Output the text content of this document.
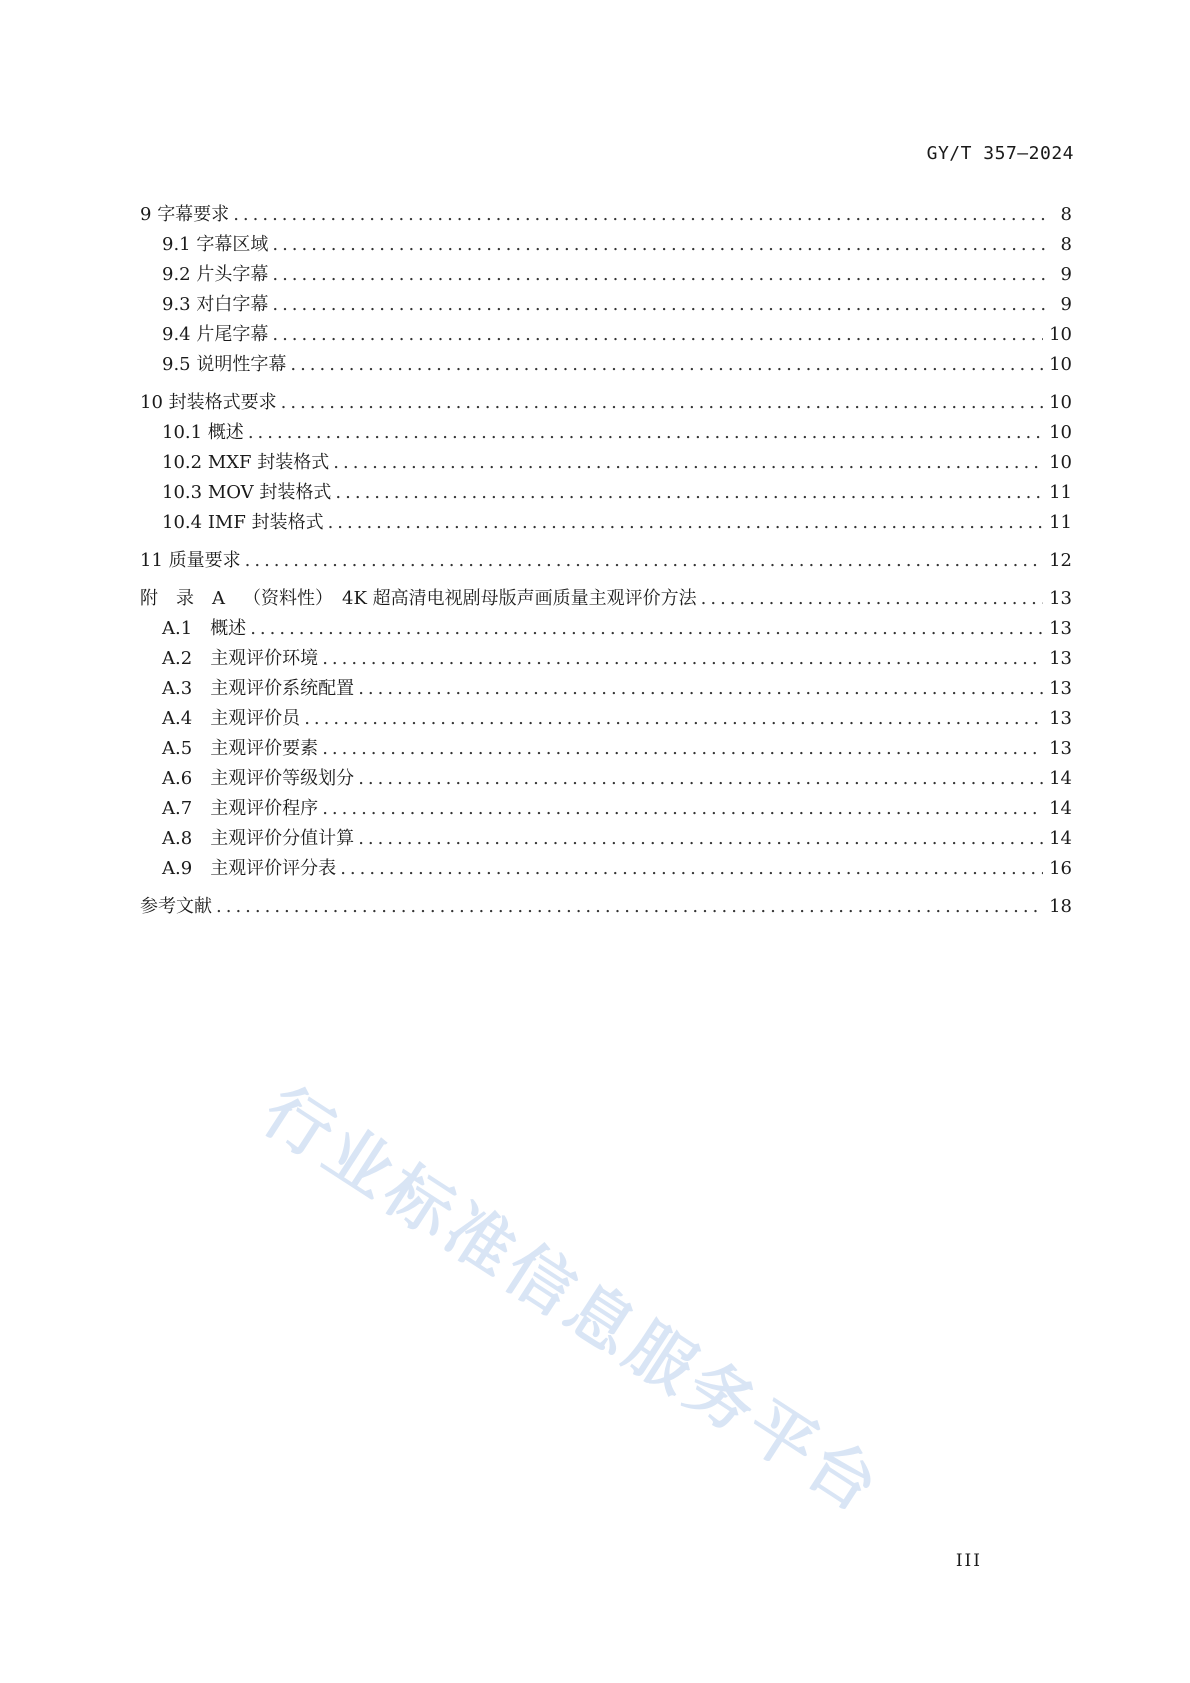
GY/T 357—2024
9 字幕要求 .....	8
9.1 字幕区域 .....	8
9.2 片头字幕 .....	9
9.3 对白字幕 .....	9
9.4 片尾字幕 .....	10
9.5 说明性字幕 .....	10
10 封装格式要求 .....	10
10.1 概述 .....	10
10.2 MXF 封装格式 .....	10
10.3 MOV 封装格式 .....	11
10.4 IMF 封装格式 .....	11
11 质量要求 .....	12
附　录　A　 （资料性）　4K 超高清电视剧母版声画质量主观评价方法 .....	13
A.1　 概述 .....	13
A.2　 主观评价环境 .....	13
A.3　 主观评价系统配置 .....	13
A.4　 主观评价员 .....	13
A.5　 主观评价要素 .....	13
A.6　 主观评价等级划分 .....	14
A.7　 主观评价程序 .....	14
A.8　 主观评价分值计算 .....	14
A.9　 主观评价评分表 .....	16
参考文献 .....	18
行业标准信息服务平台
III
